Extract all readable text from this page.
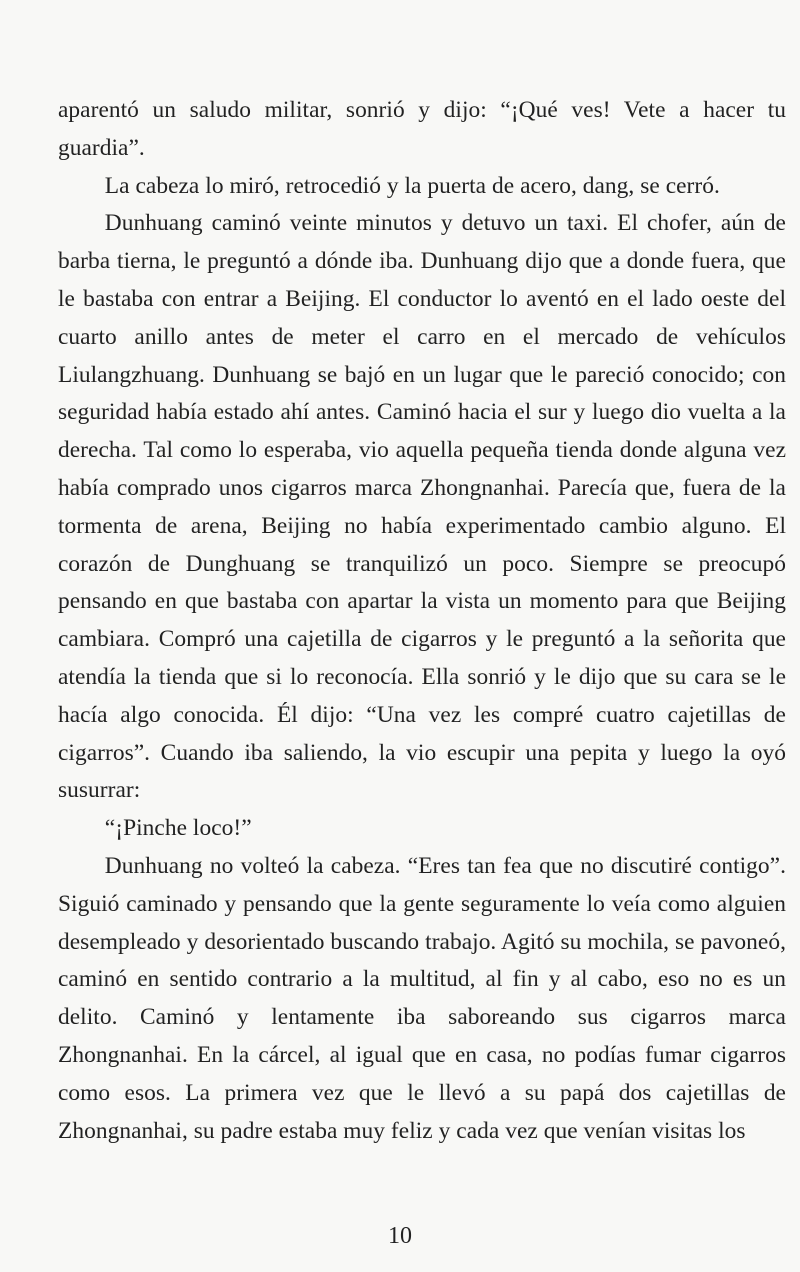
aparentó un saludo militar, sonrió y dijo: “¡Qué ves! Vete a hacer tu guardia”.

La cabeza lo miró, retrocedió y la puerta de acero, dang, se cerró.

Dunhuang caminó veinte minutos y detuvo un taxi. El chofer, aún de barba tierna, le preguntó a dónde iba. Dunhuang dijo que a donde fuera, que le bastaba con entrar a Beijing. El conductor lo aventó en el lado oeste del cuarto anillo antes de meter el carro en el mercado de vehículos Liulangzhuang. Dunhuang se bajó en un lugar que le pareció conocido; con seguridad había estado ahí antes. Caminó hacia el sur y luego dio vuelta a la derecha. Tal como lo esperaba, vio aquella pequeña tienda donde alguna vez había comprado unos cigarros marca Zhongnanhai. Parecía que, fuera de la tormenta de arena, Beijing no había experimentado cambio alguno. El corazón de Dunghuang se tranquilizó un poco. Siempre se preocupó pensando en que bastaba con apartar la vista un momento para que Beijing cambiara. Compró una cajetilla de cigarros y le preguntó a la señorita que atendía la tienda que si lo reconocía. Ella sonrió y le dijo que su cara se le hacía algo conocida. Él dijo: “Una vez les compré cuatro cajetillas de cigarros”. Cuando iba saliendo, la vio escupir una pepita y luego la oyó susurrar:

“¡Pinche loco!”

Dunhuang no volteó la cabeza. “Eres tan fea que no discutiré contigo”. Siguió caminado y pensando que la gente seguramente lo veía como alguien desempleado y desorientado buscando trabajo. Agitó su mochila, se pavoneó, caminó en sentido contrario a la multitud, al fin y al cabo, eso no es un delito. Caminó y lentamente iba saboreando sus cigarros marca Zhongnanhai. En la cárcel, al igual que en casa, no podías fumar cigarros como esos. La primera vez que le llevó a su papá dos cajetillas de Zhongnanhai, su padre estaba muy feliz y cada vez que venían visitas los

10
